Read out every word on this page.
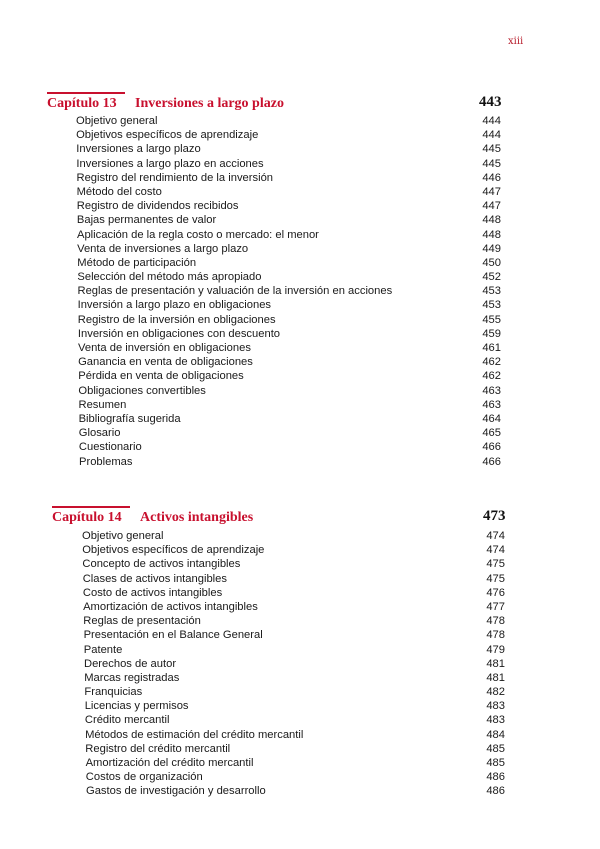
xiii
Capítulo 13 Inversiones a largo plazo	443
Objetivo general	444
Objetivos específicos de aprendizaje	444
Inversiones a largo plazo	445
Inversiones a largo plazo en acciones	445
Registro del rendimiento de la inversión	446
Método del costo	447
Registro de dividendos recibidos	447
Bajas permanentes de valor	448
Aplicación de la regla costo o mercado: el menor	448
Venta de inversiones a largo plazo	449
Método de participación	450
Selección del método más apropiado	452
Reglas de presentación y valuación de la inversión en acciones	453
Inversión a largo plazo en obligaciones	453
Registro de la inversión en obligaciones	455
Inversión en obligaciones con descuento	459
Venta de inversión en obligaciones	461
Ganancia en venta de obligaciones	462
Pérdida en venta de obligaciones	462
Obligaciones convertibles	463
Resumen	463
Bibliografía sugerida	464
Glosario	465
Cuestionario	466
Problemas	466
Capítulo 14 Activos intangibles	473
Objetivo general	474
Objetivos específicos de aprendizaje	474
Concepto de activos intangibles	475
Clases de activos intangibles	475
Costo de activos intangibles	476
Amortización de activos intangibles	477
Reglas de presentación	478
Presentación en el Balance General	478
Patente	479
Derechos de autor	481
Marcas registradas	481
Franquicias	482
Licencias y permisos	483
Crédito mercantil	483
Métodos de estimación del crédito mercantil	484
Registro del crédito mercantil	485
Amortización del crédito mercantil	485
Costos de organización	486
Gastos de investigación y desarrollo	486
